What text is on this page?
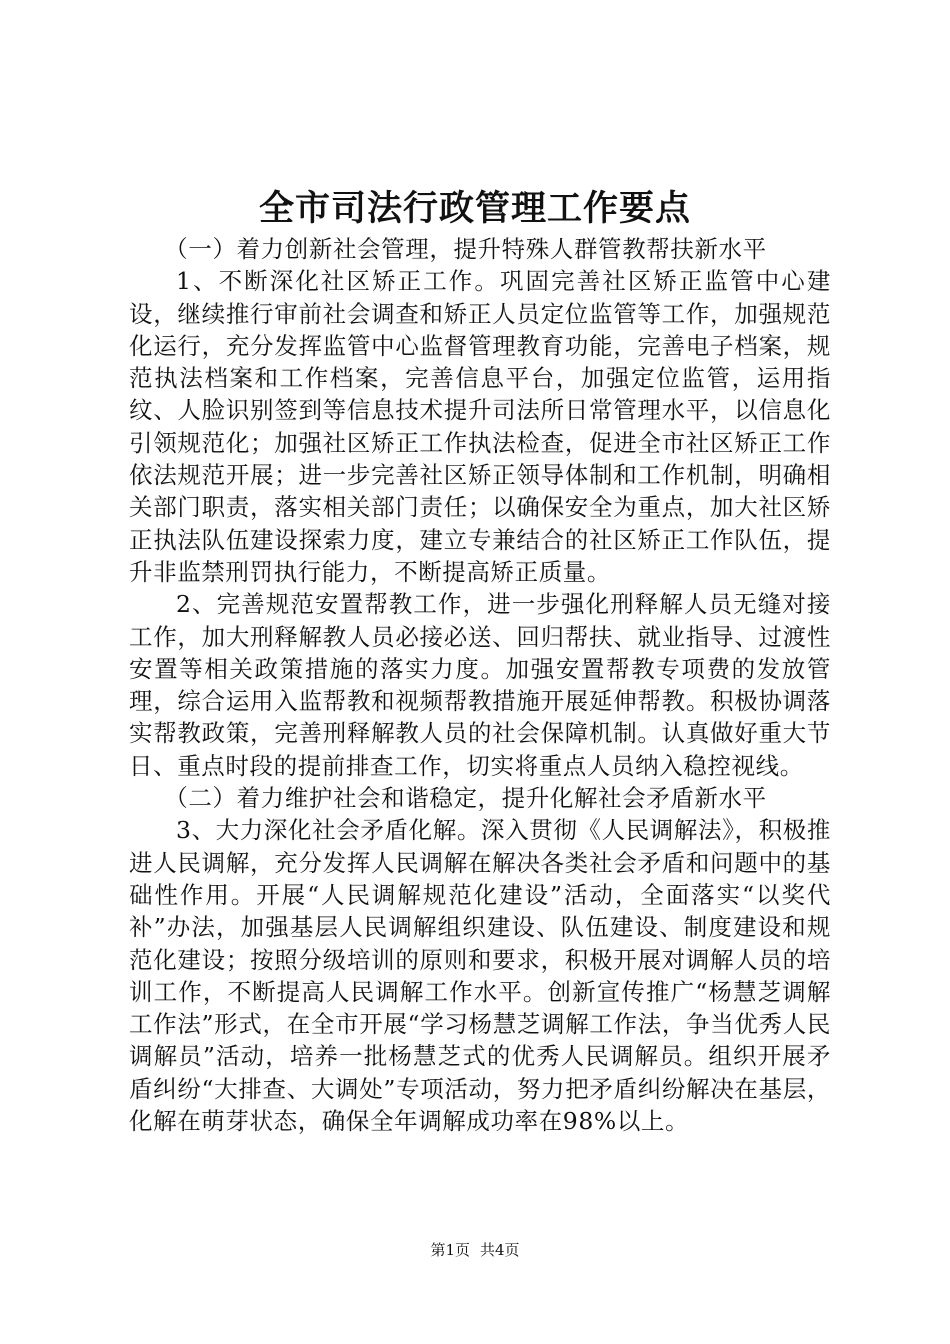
全市司法行政管理工作要点

（一）着力创新社会管理，提升特殊人群管教帮扶新水平

1、不断深化社区矫正工作。巩固完善社区矫正监管中心建设，继续推行审前社会调查和矫正人员定位监管等工作，加强规范化运行，充分发挥监管中心监督管理教育功能，完善电子档案，规范执法档案和工作档案，完善信息平台，加强定位监管，运用指纹、人脸识别签到等信息技术提升司法所日常管理水平，以信息化引领规范化；加强社区矫正工作执法检查，促进全市社区矫正工作依法规范开展；进一步完善社区矫正领导体制和工作机制，明确相关部门职责，落实相关部门责任；以确保安全为重点，加大社区矫正执法队伍建设探索力度，建立专兼结合的社区矫正工作队伍，提升非监禁刑罚执行能力，不断提高矫正质量。

2、完善规范安置帮教工作，进一步强化刑释解人员无缝对接工作，加大刑释解教人员必接必送、回归帮扶、就业指导、过渡性安置等相关政策措施的落实力度。加强安置帮教专项费的发放管理，综合运用入监帮教和视频帮教措施开展延伸帮教。积极协调落实帮教政策，完善刑释解教人员的社会保障机制。认真做好重大节日、重点时段的提前排查工作，切实将重点人员纳入稳控视线。

（二）着力维护社会和谐稳定，提升化解社会矛盾新水平

3、大力深化社会矛盾化解。深入贯彻《人民调解法》，积极推进人民调解，充分发挥人民调解在解决各类社会矛盾和问题中的基础性作用。开展“人民调解规范化建设”活动，全面落实“以奖代补”办法，加强基层人民调解组织建设、队伍建设、制度建设和规范化建设；按照分级培训的原则和要求，积极开展对调解人员的培训工作，不断提高人民调解工作水平。创新宣传推广“杨慧芝调解工作法”形式，在全市开展“学习杨慧芝调解工作法，争当优秀人民调解员”活动，培养一批杨慧芝式的优秀人民调解员。组织开展矛盾纠纷“大排查、大调处”专项活动，努力把矛盾纠纷解决在基层，化解在萌芽状态，确保全年调解成功率在98%以上。

第1页 共4页
